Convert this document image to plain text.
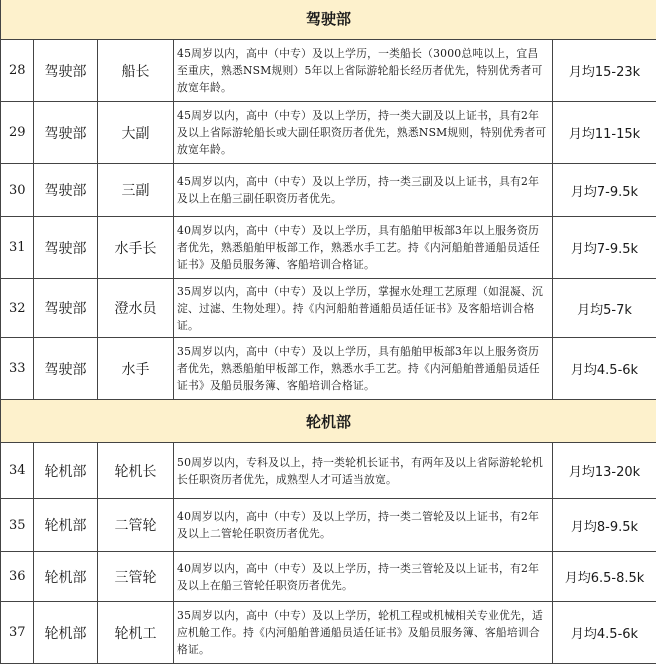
驾驶部				
28	驾驶部	船长	45周岁以内，高中（中专）及以上学历，一类船长（3000总吨以上，宜昌至重庆，熟悉NSM规则）5年以上省际游轮船长经历者优先，特别优秀者可放宽年龄。	月均15-23k
29	驾驶部	大副	45周岁以内，高中（中专）及以上学历，持一类大副及以上证书，具有2年及以上省际游轮船长或大副任职资历者优先，熟悉NSM规则，特别优秀者可放宽年龄。	月均11-15k
30	驾驶部	三副	45周岁以内，高中（中专）及以上学历，持一类三副及以上证书，具有2年及以上在船三副任职资历者优先。	月均7-9.5k
31	驾驶部	水手长	40周岁以内，高中（中专）及以上学历，具有船舶甲板部3年以上服务资历者优先，熟悉船舶甲板部工作，熟悉水手工艺。持《内河船舶普通船员适任证书》及船员服务簿、客船培训合格证。	月均7-9.5k
32	驾驶部	澄水员	35周岁以内，高中（中专）及以上学历，掌握水处理工艺原理（如混凝、沉淀、过滤、生物处理）。持《内河船舶普通船员适任证书》及客船培训合格证。	月均5-7k
33	驾驶部	水手	35周岁以内，高中（中专）及以上学历，具有船舶甲板部3年以上服务资历者优先，熟悉船舶甲板部工作，熟悉水手工艺。持《内河船舶普通船员适任证书》及船员服务簿、客船培训合格证。	月均4.5-6k
轮机部				
34	轮机部	轮机长	50周岁以内，专科及以上，持一类轮机长证书，有两年及以上省际游轮轮机长任职资历者优先，成熟型人才可适当放宽。	月均13-20k
35	轮机部	二管轮	40周岁以内，高中（中专）及以上学历，持一类二管轮及以上证书，有2年及以上二管轮任职资历者优先。	月均8-9.5k
36	轮机部	三管轮	40周岁以内，高中（中专）及以上学历，持一类三管轮及以上证书，有2年及以上在船三管轮任职资历者优先。	月均6.5-8.5k
37	轮机部	轮机工	35周岁以内，高中（中专）及以上学历，轮机工程或机械相关专业优先，适应机舱工作。持《内河船舶普通船员适任证书》及船员服务簿、客船培训合格证。	月均4.5-6k
